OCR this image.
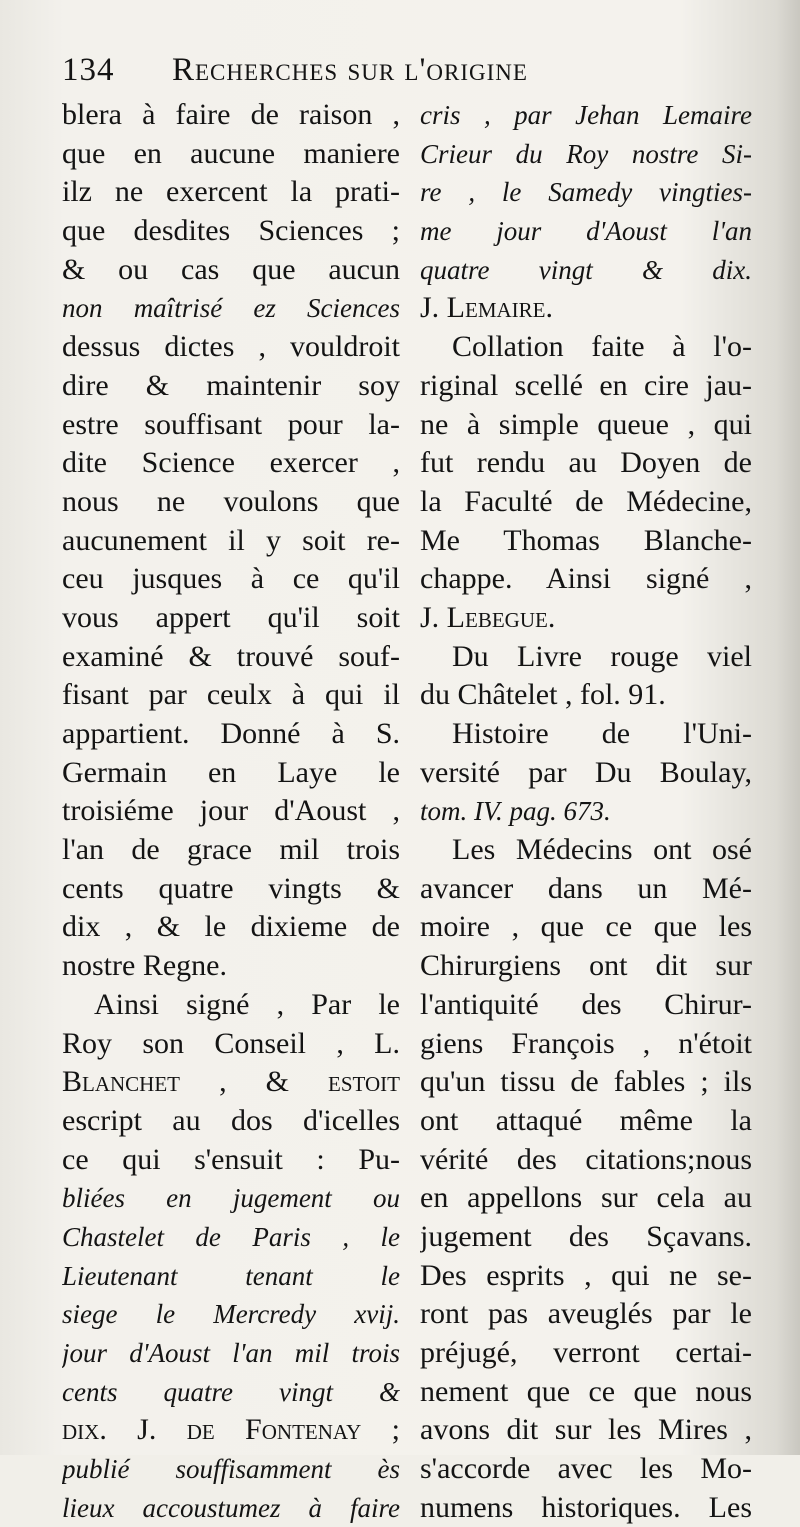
134 Recherches sur l'origine
blera à faire de raison ,
que en aucune maniere
ilz ne exercent la prati-
que desdites Sciences ;
& ou cas que aucun
non maîtrisé ez Sciences
dessus dictes , vouldroit
dire & maintenir soy
estre souffisant pour la-
dite Science exercer ,
nous ne voulons que
aucunement il y soit re-
ceu jusques à ce qu'il
vous appert qu'il soit
examiné & trouvé souf-
fisant par ceulx à qui il
appartient. Donné à S.
Germain en Laye le
troisiéme jour d'Aoust ,
l'an de grace mil trois
cents quatre vingts &
dix , & le dixieme de
nostre Regne.
Ainsi signé , Par le
Roy son Conseil , L.
Blanchet , & estoit
escript au dos d'icelles
ce qui s'ensuit : Pu-
bliées en jugement ou
Chastelet de Paris , le
Lieutenant tenant le
siege le Mercredy xvij.
jour d'Aoust l'an mil trois
cents quatre vingt &
dix. J. de Fontenay ;
publié souffisamment ès
lieux accoustumez à faire
cris , par Jehan Lemaire
Crieur du Roy nostre Si-
re , le Samedy vingties-
me jour d'Aoust l'an
quatre vingt & dix.
J. Lemaire.
Collation faite à l'o-
riginal scellé en cire jau-
ne à simple queue , qui
fut rendu au Doyen de
la Faculté de Médecine,
Me Thomas Blanche-
chappe. Ainsi signé ,
J. Lebegue.
Du Livre rouge viel
du Châtelet , fol. 91.
Histoire de l'Uni-
versité par Du Boulay,
tom. IV. pag. 673.
Les Médecins ont osé
avancer dans un Mé-
moire , que ce que les
Chirurgiens ont dit sur
l'antiquité des Chirur-
giens François , n'étoit
qu'un tissu de fables ; ils
ont attaqué même la
vérité des citations;nous
en appellons sur cela au
jugement des Sçavans.
Des esprits , qui ne se-
ront pas aveuglés par le
préjugé, verront certai-
nement que ce que nous
avons dit sur les Mires ,
s'accorde avec les Mo-
numens historiques. Les
